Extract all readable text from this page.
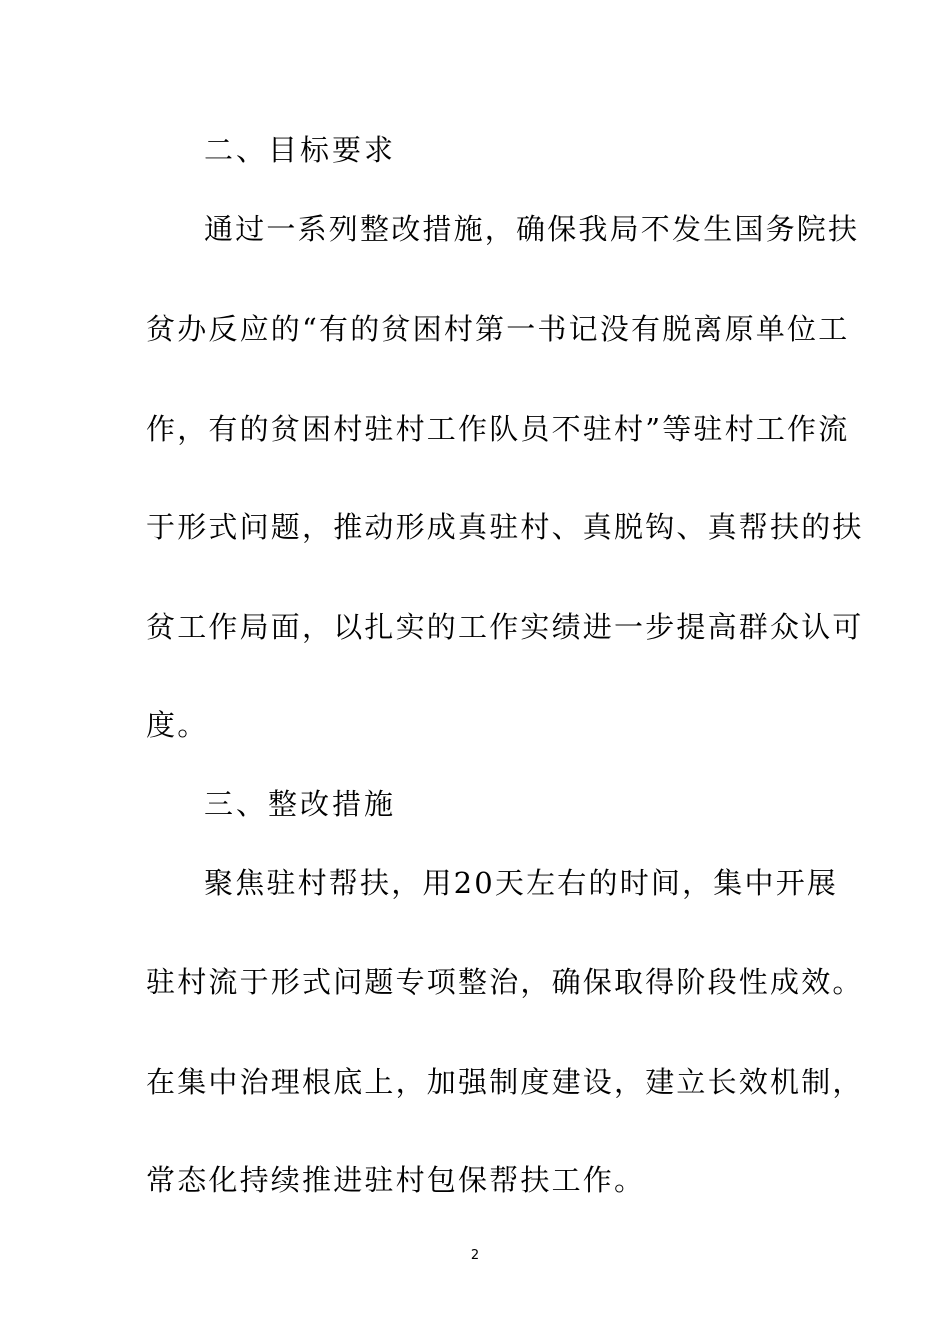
二、目标要求
通过一系列整改措施，确保我局不发生国务院扶
贫办反应的“有的贫困村第一书记没有脱离原单位工
作，有的贫困村驻村工作队员不驻村”等驻村工作流
于形式问题，推动形成真驻村、真脱钩、真帮扶的扶
贫工作局面，以扎实的工作实绩进一步提高群众认可
度。
三、整改措施
聚焦驻村帮扶，用20天左右的时间，集中开展
驻村流于形式问题专项整治，确保取得阶段性成效。
在集中治理根底上，加强制度建设，建立长效机制，
常态化持续推进驻村包保帮扶工作。
2
